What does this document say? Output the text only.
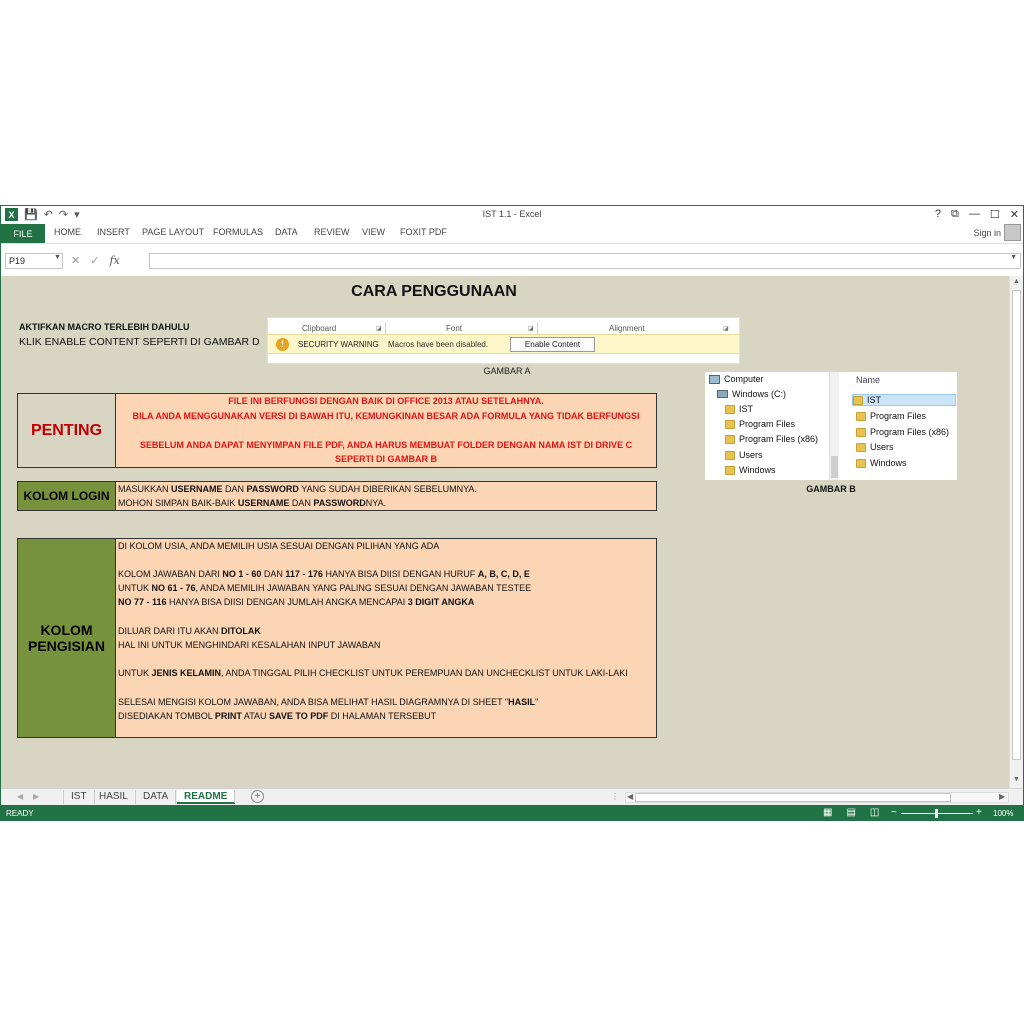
X 💾 ↶ ↷ ▾	IST 1.1 - Excel	? ⧉ — ☐ ✕
FILE	HOME INSERT PAGE LAYOUT FORMULAS DATA REVIEW VIEW FOXIT PDF	Sign in
P19	▼ ✕ ✓ fx	▼
CARA PENGGUNAAN
AKTIFKAN MACRO TERLEBIH DAHULU
KLIK ENABLE CONTENT SEPERTI DI GAMBAR D
Clipboard	◪	Font	◪	Alignment	◪
!	SECURITY WARNING Macros have been disabled.	Enable Content
GAMBAR A
Computer
Windows (C:)
IST
Program Files
Program Files (x86)
Users
Windows
Name
IST
Program Files
Program Files (x86)
Users
Windows
GAMBAR B
PENTING
FILE INI BERFUNGSI DENGAN BAIK DI OFFICE 2013 ATAU SETELAHNYA.
BILA ANDA MENGGUNAKAN VERSI DI BAWAH ITU, KEMUNGKINAN BESAR ADA FORMULA YANG TIDAK BERFUNGSI
SEBELUM ANDA DAPAT MENYIMPAN FILE PDF, ANDA HARUS MEMBUAT FOLDER DENGAN NAMA IST DI DRIVE C
SEPERTI DI GAMBAR B
KOLOM LOGIN MASUKKAN USERNAME DAN PASSWORD YANG SUDAH DIBERIKAN SEBELUMNYA.
MOHON SIMPAN BAIK-BAIK USERNAME DAN PASSWORDNYA.
KOLOM
PENGISIAN
DI KOLOM USIA, ANDA MEMILIH USIA SESUAI DENGAN PILIHAN YANG ADA
KOLOM JAWABAN DARI NO 1 - 60 DAN 117 - 176 HANYA BISA DIISI DENGAN HURUF A, B, C, D, E
UNTUK NO 61 - 76, ANDA MEMILIH JAWABAN YANG PALING SESUAI DENGAN JAWABAN TESTEE
NO 77 - 116 HANYA BISA DIISI DENGAN JUMLAH ANGKA MENCAPAI 3 DIGIT ANGKA
DILUAR DARI ITU AKAN DITOLAK
HAL INI UNTUK MENGHINDARI KESALAHAN INPUT JAWABAN
UNTUK JENIS KELAMIN, ANDA TINGGAL PILIH CHECKLIST UNTUK PEREMPUAN DAN UNCHECKLIST UNTUK LAKI-LAKI
SELESAI MENGISI KOLOM JAWABAN, ANDA BISA MELIHAT HASIL DIAGRAMNYA DI SHEET "HASIL"
DISEDIAKAN TOMBOL PRINT ATAU SAVE TO PDF DI HALAMAN TERSEBUT
▲
▼
◀ ▶	IST	HASIL	DATA	README	+	⋮ ◀	▶
READY	▦ ▤ ◫ −	+ 100%
